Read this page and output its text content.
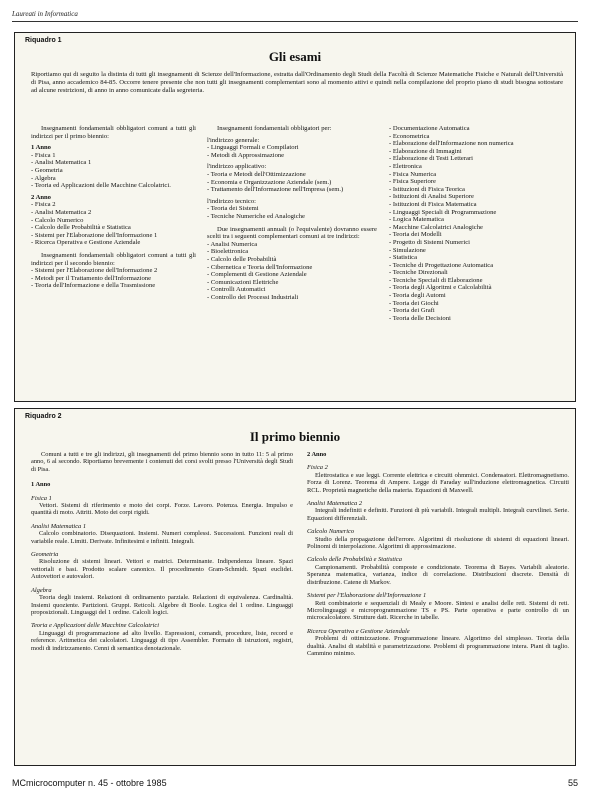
Laureati in Informatica
Riquadro 1
Gli esami
Riportiamo qui di seguito la distinta di tutti gli insegnamenti di Scienze dell'Informazione, estratta dall'Ordinamento degli Studi della Facoltà di Scienze Matematiche Fisiche e Naturali dell'Università di Pisa, anno accademico 84-85. Occorre tenere presente che non tutti gli insegnamenti complementari sono al momento attivi e quindi nella compilazione del proprio piano di studi bisogna sottostare ad alcune restrizioni, di anno in anno comunicate dalla segreteria.

Insegnamenti fondamentali obbligatori comuni a tutti gli indirizzi per il primo biennio:

1 Anno

- Fisica 1

- Analisi Matematica 1

- Geometria

- Algebra

- Teoria ed Applicazioni delle Macchine Calcolatrici.

2 Anno

- Fisica 2

- Analisi Matematica 2

- Calcolo Numerico

- Calcolo delle Probabilità e Statistica

- Sistemi per l'Elaborazione dell'Informazione 1

- Ricerca Operativa e Gestione Aziendale

Insegnamenti fondamentali obbligatori comuni a tutti gli indirizzi per il secondo biennio:

- Sistemi per l'Elaborazione dell'Informazione 2

- Metodi per il Trattamento dell'Informazione

- Teoria dell'Informazione e della Trasmissione

Insegnamenti fondamentali obbligatori per:

l'indirizzo generale:

- Linguaggi Formali e Compilatori

- Metodi di Approssimazione

l'indirizzo applicativo:

- Teoria e Metodi dell'Ottimizzazione

- Economia e Organizzazione Aziendale (sem.)

- Trattamento dell'Informazione nell'Impresa (sem.)

l'indirizzo tecnico:

- Teoria dei Sistemi

- Tecniche Numeriche ed Analogiche

Due insegnamenti annuali (o l'equivalente) dovranno essere scelti tra i seguenti complementari comuni ai tre indirizzi:

- Analisi Numerica

- Bioelettronica

- Calcolo delle Probabilità

- Cibernetica e Teoria dell'Informazione

- Complementi di Gestione Aziendale

- Comunicazioni Elettriche

- Controlli Automatici

- Controllo dei Processi Industriali

- Documentazione Automatica

- Econometrica

- Elaborazione dell'Informazione non numerica

- Elaborazione di Immagini

- Elaborazione di Testi Letterari

- Elettronica

- Fisica Numerica

- Fisica Superiore

- Istituzioni di Fisica Teorica

- Istituzioni di Analisi Superiore

- Istituzioni di Fisica Matematica

- Linguaggi Speciali di Programmazione

- Logica Matematica

- Macchine Calcolatrici Analogiche

- Teoria dei Modelli

- Progetto di Sistemi Numerici

- Simulazione

- Statistica

- Tecniche di Progettazione Automatica

- Tecniche Direzionali

- Tecniche Speciali di Elaborazione

- Teoria degli Algoritmi e Calcolabilità

- Teoria degli Automi

- Teoria dei Giochi

- Teoria dei Grafi

- Teoria delle Decisioni

Riquadro 2
Il primo biennio
Comuni a tutti e tre gli indirizzi, gli insegnamenti del primo biennio sono in tutto 11: 5 al primo anno, 6 al secondo. Riportiamo brevemente i contenuti dei corsi svolti presso l'Università degli Studi di Pisa.
1 Anno
Fisica 1
Vettori. Sistemi di riferimento e moto dei corpi. Forze. Lavoro. Potenza. Energia. Impulso e quantità di moto. Attriti. Moto dei corpi rigidi.
Analisi Matematica 1
Calcolo combinatorio. Disequazioni. Insiemi. Numeri complessi. Successioni. Funzioni reali di variabile reale. Limiti. Derivate. Infinitesimi e infiniti. Integrali.
Geometria
Risoluzione di sistemi lineari. Vettori e matrici. Determinante. Indipendenza lineare. Spazi vettoriali e basi. Prodotto scalare canonico. Il procedimento Gram-Schmidt. Spazi euclidei. Autovettori e autovalori.
Algebra
Teoria degli insiemi. Relazioni di ordinamento parziale. Relazioni di equivalenza. Cardinalità. Insiemi quoziente. Partizioni. Gruppi. Reticoli. Algebre di Boole. Logica del 1 ordine. Linguaggi proposizionali. Linguaggi del 1 ordine. Calcoli logici.
Teoria e Applicazioni delle Macchine Calcolatrici
Linguaggi di programmazione ad alto livello. Espressioni, comandi, procedure, liste, record e reference. Aritmetica dei calcolatori. Linguaggi di tipo Assembler. Formato di istruzioni, registri, modi di indirizzamento. Cenni di semantica denotazionale.
2 Anno
Fisica 2
Elettrostatica e sue leggi. Corrente elettrica e circuiti ohmmici. Condensatori. Elettromagnetismo. Forza di Lorenz. Teorema di Ampere. Legge di Faraday sull'induzione elettromagnetica. Circuiti RCL. Proprietà magnetiche della materia. Equazioni di Maxwell.
Analisi Matematica 2
Integrali indefiniti e definiti. Funzioni di più variabili. Integrali multipli. Integrali curvilinei. Serie. Equazioni differenziali.
Calcolo Numerico
Studio della propagazione dell'errore. Algoritmi di risoluzione di sistemi di equazioni lineari. Polinomi di interpolazione. Algoritmi di approssimazione.
Calcolo delle Probabilità e Statistica
Campionamenti. Probabilità composte e condizionate. Teorema di Bayes. Variabili aleatorie. Speranza matematica, varianza, indice di correlazione. Distribuzioni discrete. Densità di distribuzione. Catene di Markov.
Sistemi per l'Elaborazione dell'Informazione 1
Reti combinatorie e sequenziali di Mealy e Moore. Sintesi e analisi delle reti. Sistemi di reti. Microlinguaggi e microprogrammazione TS e PS. Parte operativa e parte controllo di un microcalcolatore. Strutture dati. Ricerche in tabelle.
Ricerca Operativa e Gestione Aziendale
Problemi di ottimizzazione. Programmazione lineare. Algoritmo del simplesso. Teoria della dualità. Analisi di stabilità e parametrizzazione. Problemi di programmazione intera. Piani di taglio. Cammino minimo.
MCmicrocomputer n. 45 - ottobre 1985	55
